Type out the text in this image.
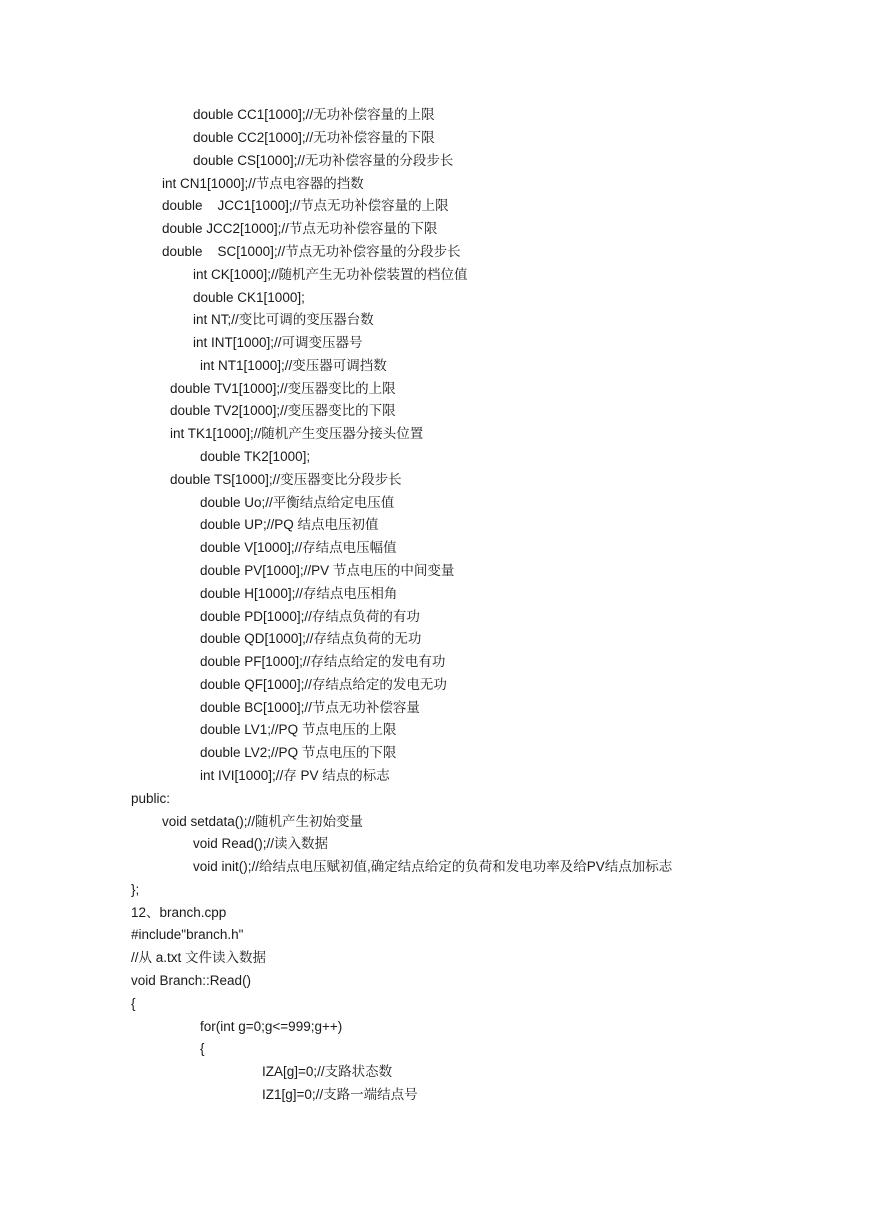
double CC1[1000];//无功补偿容量的上限
double CC2[1000];//无功补偿容量的下限
double CS[1000];//无功补偿容量的分段步长
int CN1[1000];//节点电容器的挡数
double    JCC1[1000];//节点无功补偿容量的上限
double JCC2[1000];//节点无功补偿容量的下限
double    SC[1000];//节点无功补偿容量的分段步长
int CK[1000];//随机产生无功补偿装置的档位值
double CK1[1000];
int NT;//变比可调的变压器台数
int INT[1000];//可调变压器号
int NT1[1000];//变压器可调挡数
double TV1[1000];//变压器变比的上限
double TV2[1000];//变压器变比的下限
int TK1[1000];//随机产生变压器分接头位置
double TK2[1000];
double TS[1000];//变压器变比分段步长
double Uo;//平衡结点给定电压值
double UP;//PQ 结点电压初值
double V[1000];//存结点电压幅值
double PV[1000];//PV 节点电压的中间变量
double H[1000];//存结点电压相角
double PD[1000];//存结点负荷的有功
double QD[1000];//存结点负荷的无功
double PF[1000];//存结点给定的发电有功
double QF[1000];//存结点给定的发电无功
double BC[1000];//节点无功补偿容量
double LV1;//PQ 节点电压的上限
double LV2;//PQ 节点电压的下限
int IVI[1000];//存 PV 结点的标志
public:
void setdata();//随机产生初始变量
void Read();//读入数据
void init();//给结点电压赋初值,确定结点给定的负荷和发电功率及给PV结点加标志
};
12、branch.cpp
#include"branch.h"
//从 a.txt 文件读入数据
void Branch::Read()
{
for(int g=0;g<=999;g++)
{
IZA[g]=0;//支路状态数
IZ1[g]=0;//支路一端结点号
